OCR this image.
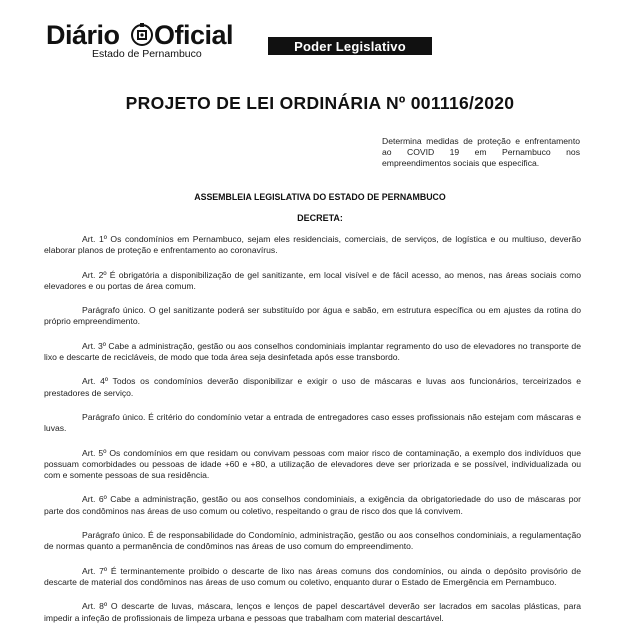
Diário Oficial
Estado de Pernambuco
Poder Legislativo
PROJETO DE LEI ORDINÁRIA Nº 001116/2020
Determina medidas de proteção e enfrentamento ao COVID 19 em Pernambuco nos empreendimentos sociais que especifica.
ASSEMBLEIA LEGISLATIVA DO ESTADO DE PERNAMBUCO
DECRETA:

Art. 1º Os condomínios em Pernambuco, sejam eles residenciais, comerciais, de serviços, de logística e ou multiuso, deverão elaborar planos de proteção e enfrentamento ao coronavírus.

Art. 2º É obrigatória a disponibilização de gel sanitizante, em local visível e de fácil acesso, ao menos, nas áreas sociais como elevadores e ou portas de área comum.

Parágrafo único. O gel sanitizante poderá ser substituído por água e sabão, em estrutura específica ou em ajustes da rotina do próprio empreendimento.

Art. 3º Cabe a administração, gestão ou aos conselhos condominiais implantar regramento do uso de elevadores no transporte de lixo e descarte de recicláveis, de modo que toda área seja desinfetada após esse transbordo.

Art. 4º Todos os condomínios deverão disponibilizar e exigir o uso de máscaras e luvas aos funcionários, terceirizados e prestadores de serviço.

Parágrafo único. É critério do condomínio vetar a entrada de entregadores caso esses profissionais não estejam com máscaras e luvas.

Art. 5º Os condomínios em que residam ou convivam pessoas com maior risco de contaminação, a exemplo dos indivíduos que possuam comorbidades ou pessoas de idade +60 e +80, a utilização de elevadores deve ser priorizada e se possível, individualizada ou com e somente pessoas de sua residência.

Art. 6º Cabe a administração, gestão ou aos conselhos condominiais, a exigência da obrigatoriedade do uso de máscaras por parte dos condôminos nas áreas de uso comum ou coletivo, respeitando o grau de risco dos que lá convivem.

Parágrafo único. É de responsabilidade do Condomínio, administração, gestão ou aos conselhos condominiais, a regulamentação de normas quanto a permanência de condôminos nas áreas de uso comum do empreendimento.

Art. 7º É terminantemente proibido o descarte de lixo nas áreas comuns dos condomínios, ou ainda o depósito provisório de descarte de material dos condôminos nas áreas de uso comum ou coletivo, enquanto durar o Estado de Emergência em Pernambuco.

Art. 8º O descarte de luvas, máscara, lenços e lenços de papel descartável deverão ser lacrados em sacolas plásticas, para impedir a infeção de profissionais de limpeza urbana e pessoas que trabalham com material descartável.
